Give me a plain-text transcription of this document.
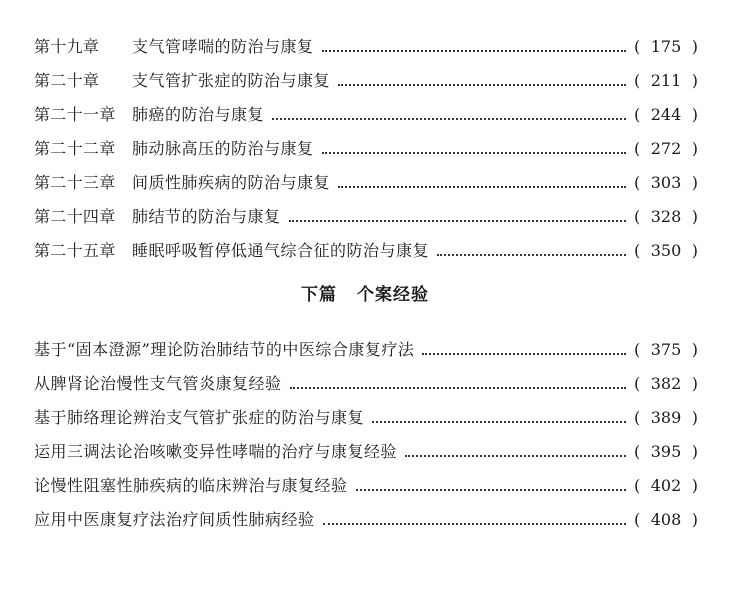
第十九章	支气管哮喘的防治与康复	( 175 )
第二十章	支气管扩张症的防治与康复	( 211 )
第二十一章	肺癌的防治与康复	( 244 )
第二十二章	肺动脉高压的防治与康复	( 272 )
第二十三章	间质性肺疾病的防治与康复	( 303 )
第二十四章	肺结节的防治与康复	( 328 )
第二十五章	睡眠呼吸暂停低通气综合征的防治与康复	( 350 )
下篇 个案经验
基于“固本澄源”理论防治肺结节的中医综合康复疗法	( 375 )
从脾肾论治慢性支气管炎康复经验	( 382 )
基于肺络理论辨治支气管扩张症的防治与康复	( 389 )
运用三调法论治咳嗽变异性哮喘的治疗与康复经验	( 395 )
论慢性阻塞性肺疾病的临床辨治与康复经验	( 402 )
应用中医康复疗法治疗间质性肺病经验	( 408 )
